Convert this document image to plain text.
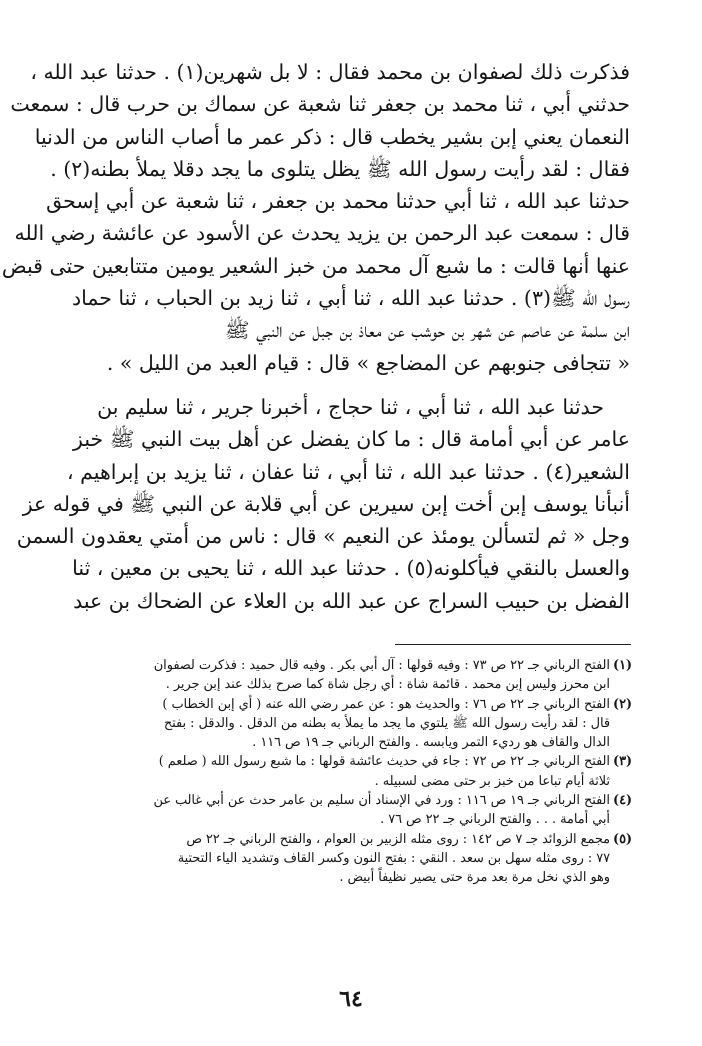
فذكرت ذلك لصفوان بن محمد فقال : لا بل شهرين(١) . حدثنا عبد الله ،
حدثني أبي ، ثنا محمد بن جعفر ثنا شعبة عن سماك بن حرب قال : سمعت
النعمان يعني إبن بشير يخطب قال : ذكر عمر ما أصاب الناس من الدنيا
فقال : لقد رأيت رسول الله ﷺ يظل يتلوى ما يجد دقلا يملأ بطنه(٢) .
حدثنا عبد الله ، ثنا أبي حدثنا محمد بن جعفر ، ثنا شعبة عن أبي إسحق
قال : سمعت عبد الرحمن بن يزيد يحدث عن الأسود عن عائشة رضي الله
عنها أنها قالت : ما شبع آل محمد من خبز الشعير يومين متتابعين حتى قبض
رسول الله ﷺ(٣) . حدثنا عبد الله ، ثنا أبي ، ثنا زيد بن الحباب ، ثنا حماد
ابن سلمة عن عاصم عن شهر بن حوشب عن معاذ بن جبل عن النبي ﷺ
« تتجافى جنوبهم عن المضاجع » قال : قيام العبد من الليل » .
حدثنا عبد الله ، ثنا أبي ، ثنا حجاج ، أخبرنا جرير ، ثنا سليم بن
عامر عن أبي أمامة قال : ما كان يفضل عن أهل بيت النبي ﷺ خبز
الشعير(٤) . حدثنا عبد الله ، ثنا أبي ، ثنا عفان ، ثنا يزيد بن إبراهيم ،
أنبأنا يوسف إبن أخت إبن سيرين عن أبي قلابة عن النبي ﷺ في قوله عز
وجل « ثم لتسألن يومئذ عن النعيم » قال : ناس من أمتي يعقدون السمن
والعسل بالنقي فيأكلونه(٥) . حدثنا عبد الله ، ثنا يحيى بن معين ، ثنا
الفضل بن حبيب السراج عن عبد الله بن العلاء عن الضحاك بن عبد
(١)
الفتح الرباني جـ ٢٢ ص ٧٣ : وفيه قولها : آل أبي بكر . وفيه قال حميد : فذكرت لصفوان
ابن محرز وليس إبن محمد . قائمة شاة : أي رجل شاة كما صرح بذلك عند إبن جرير .
(٢)
الفتح الرباني جـ ٢٢ ص ٧٦ : والحديث هو : عن عمر رضي الله عنه ( أي إبن الخطاب )
قال : لقد رأيت رسول الله ﷺ يلتوي ما يجد ما يملأ به بطنه من الدقل . والدقل : بفتح
الدال والقاف هو رديء التمر ويابسه . والفتح الرباني جـ ١٩ ص ١١٦ .
(٣)
الفتح الرباني جـ ٢٢ ص ٧٢ : جاء في حديث عائشة قولها : ما شبع رسول الله ( صلعم )
ثلاثة أيام تباعا من خبز بر حتى مضى لسبيله .
(٤)
الفتح الرباني جـ ١٩ ص ١١٦ : ورد في الإسناد أن سليم بن عامر حدث عن أبي غالب عن
أبي أمامة . . . والفتح الرباني جـ ٢٢ ص ٧٦ .
(٥)
مجمع الزوائد جـ ٧ ص ١٤٢ : روى مثله الزبير بن العوام ، والفتح الرباني جـ ٢٢ ص
٧٧ : روى مثله سهل بن سعد . النقي : بفتح النون وكسر القاف وتشديد الياء التحتية
وهو الذي نخل مرة بعد مرة حتى يصير نظيفاً أبيض .
٦٤
